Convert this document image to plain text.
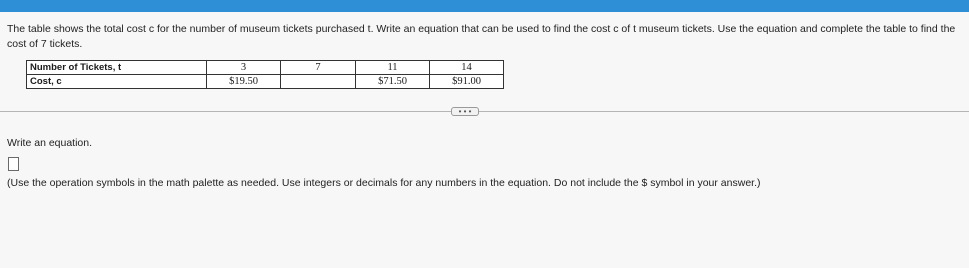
The table shows the total cost c for the number of museum tickets purchased t. Write an equation that can be used to find the cost c of t museum tickets. Use the equation and complete the table to find the cost of 7 tickets.
Number of Tickets, t	3	7	11	14
Cost, c	$19.50		$71.50	$91.00
• • •
Write an equation.
(Use the operation symbols in the math palette as needed. Use integers or decimals for any numbers in the equation. Do not include the $ symbol in your answer.)
